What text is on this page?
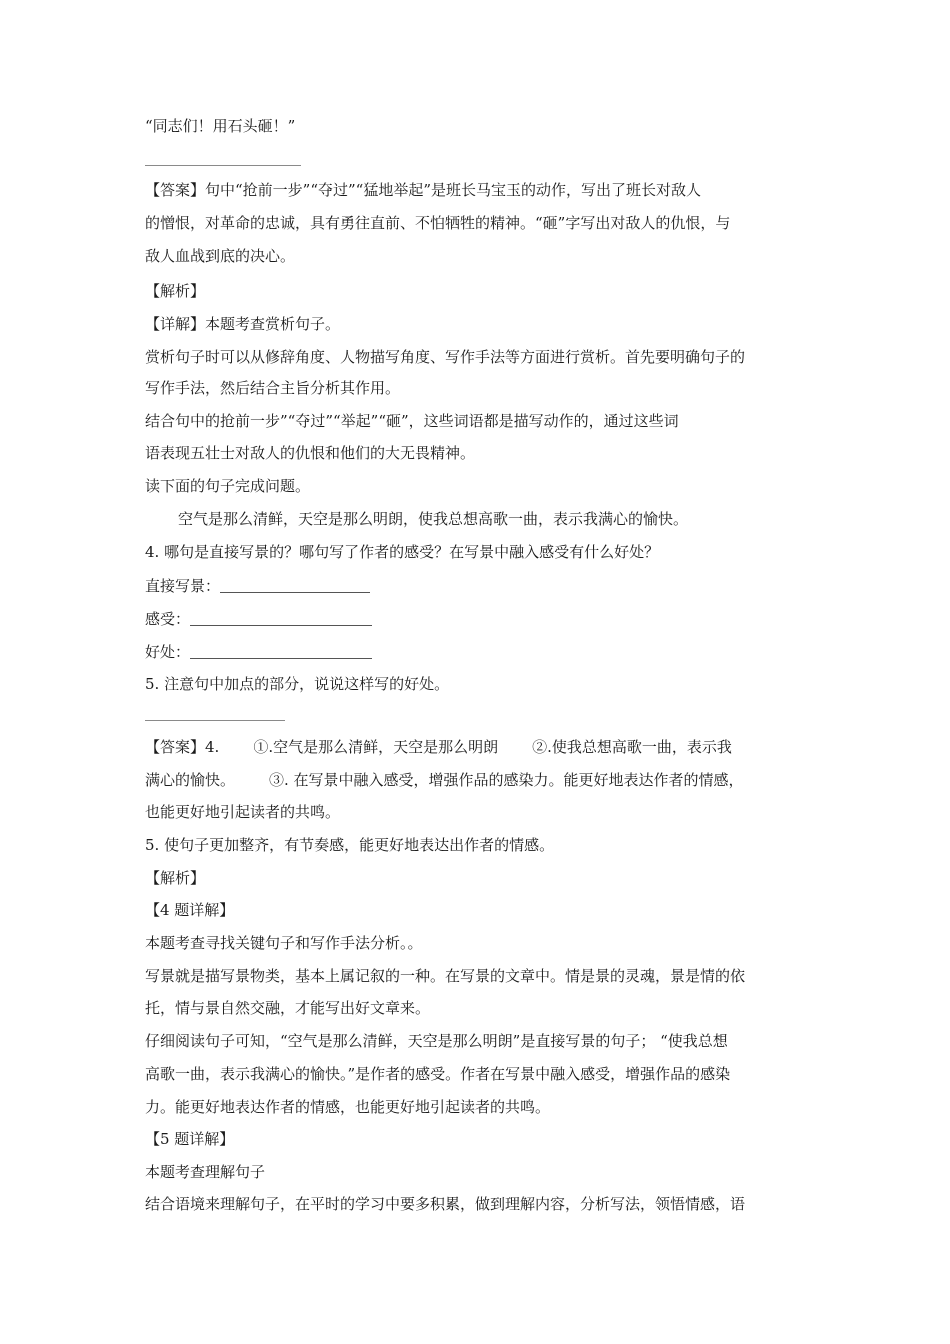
“同志们！用石头砸！”
【答案】句中“抢前一步”“夺过”“猛地举起”是班长马宝玉的动作，写出了班长对敌人
的憎恨，对革命的忠诚，具有勇往直前、不怕牺牲的精神。“砸”字写出对敌人的仇恨，与
敌人血战到底的决心。
【解析】
【详解】本题考查赏析句子。
赏析句子时可以从修辞角度、人物描写角度、写作手法等方面进行赏析。首先要明确句子的
写作手法，然后结合主旨分析其作用。
结合句中的抢前一步”“夺过”“举起”“砸”，这些词语都是描写动作的，通过这些词
语表现五壮士对敌人的仇恨和他们的大无畏精神。
读下面的句子完成问题。
空气是那么清鲜，天空是那么明朗，使我总想高歌一曲，表示我满心的愉快。
4. 哪句是直接写景的？哪句写了作者的感受？在写景中融入感受有什么好处？
直接写景：
感受：
好处：
5. 注意句中加点的部分，说说这样写的好处。
【答案】4. ①.空气是那么清鲜，天空是那么明朗 ②.使我总想高歌一曲，表示我
满心的愉快。 ③. 在写景中融入感受，增强作品的感染力。能更好地表达作者的情感，
也能更好地引起读者的共鸣。
5. 使句子更加整齐，有节奏感，能更好地表达出作者的情感。
【解析】
【4 题详解】
本题考查寻找关键句子和写作手法分析。。
写景就是描写景物类，基本上属记叙的一种。在写景的文章中。情是景的灵魂，景是情的依
托，情与景自然交融，才能写出好文章来。
仔细阅读句子可知，“空气是那么清鲜，天空是那么明朗”是直接写景的句子； “使我总想
高歌一曲，表示我满心的愉快。”是作者的感受。作者在写景中融入感受，增强作品的感染
力。能更好地表达作者的情感，也能更好地引起读者的共鸣。
【5 题详解】
本题考查理解句子
结合语境来理解句子，在平时的学习中要多积累，做到理解内容，分析写法，领悟情感，语
